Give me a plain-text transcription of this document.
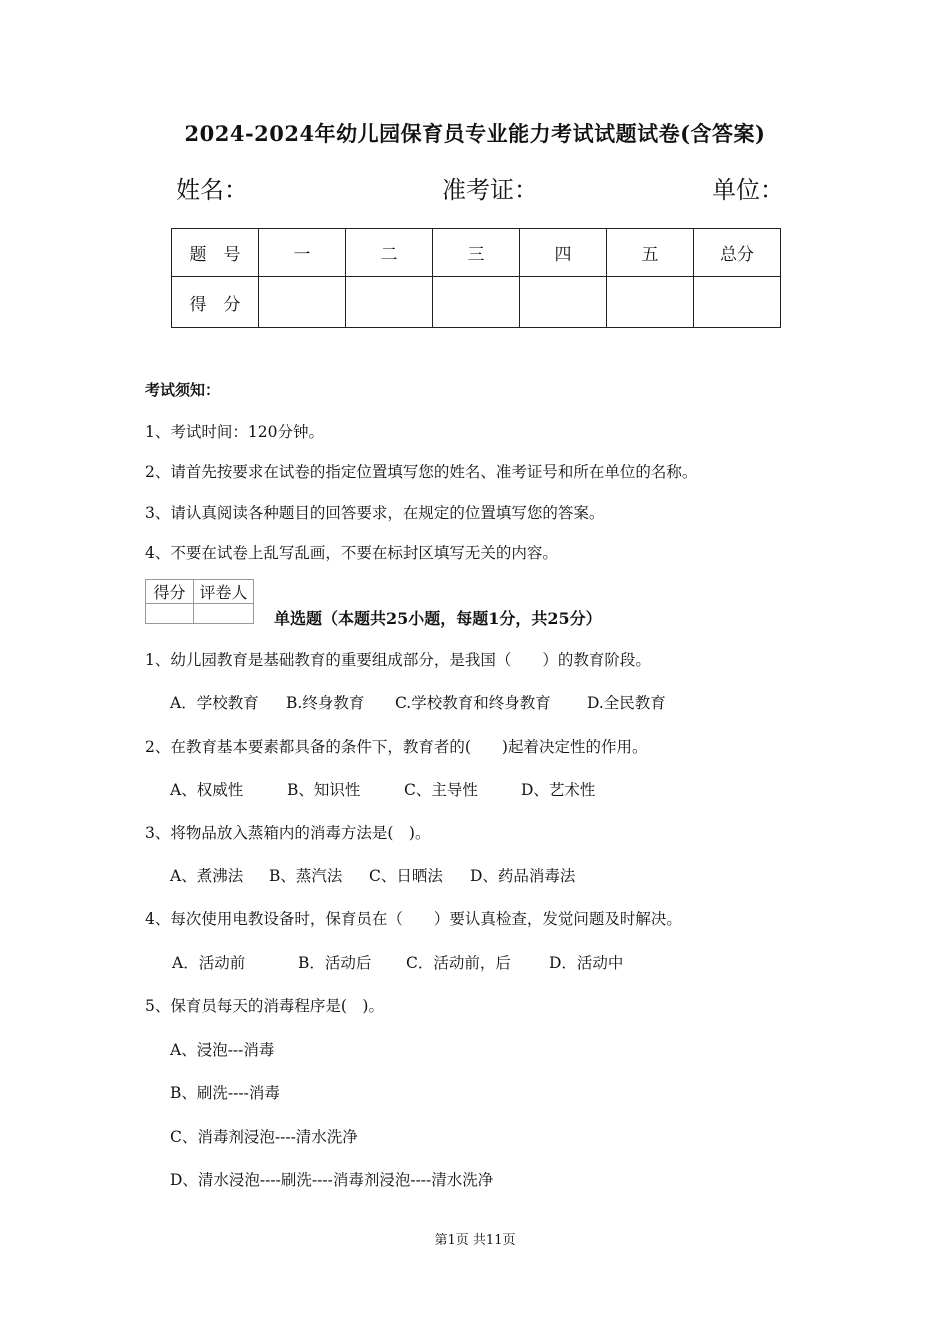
2024-2024年幼儿园保育员专业能力考试试题试卷(含答案)
姓名：	准考证：	单位：
题　号	一	二	三	四	五	总分
得　分						
考试须知：
1、考试时间：120分钟。
2、请首先按要求在试卷的指定位置填写您的姓名、准考证号和所在单位的名称。
3、请认真阅读各种题目的回答要求，在规定的位置填写您的答案。
4、不要在试卷上乱写乱画，不要在标封区填写无关的内容。
得分	评卷人

单选题（本题共25小题，每题1分，共25分）
1、幼儿园教育是基础教育的重要组成部分，是我国（　　）的教育阶段。
A．学校教育 B.终身教育 C.学校教育和终身教育 D.全民教育
2、在教育基本要素都具备的条件下，教育者的(　　)起着决定性的作用。
A、权威性	B、知识性	C、主导性	D、艺术性
3、将物品放入蒸箱内的消毒方法是(　)。
A、煮沸法 B、蒸汽法 C、日晒法 D、药品消毒法
4、每次使用电教设备时，保育员在（　　）要认真检查，发觉问题及时解决。
A．活动前	B．活动后 C．活动前，后 D．活动中
5、保育员每天的消毒程序是(　)。
A、浸泡---消毒
B、刷洗----消毒
C、消毒剂浸泡----清水洗净
D、清水浸泡----刷洗----消毒剂浸泡----清水洗净
第1页 共11页
